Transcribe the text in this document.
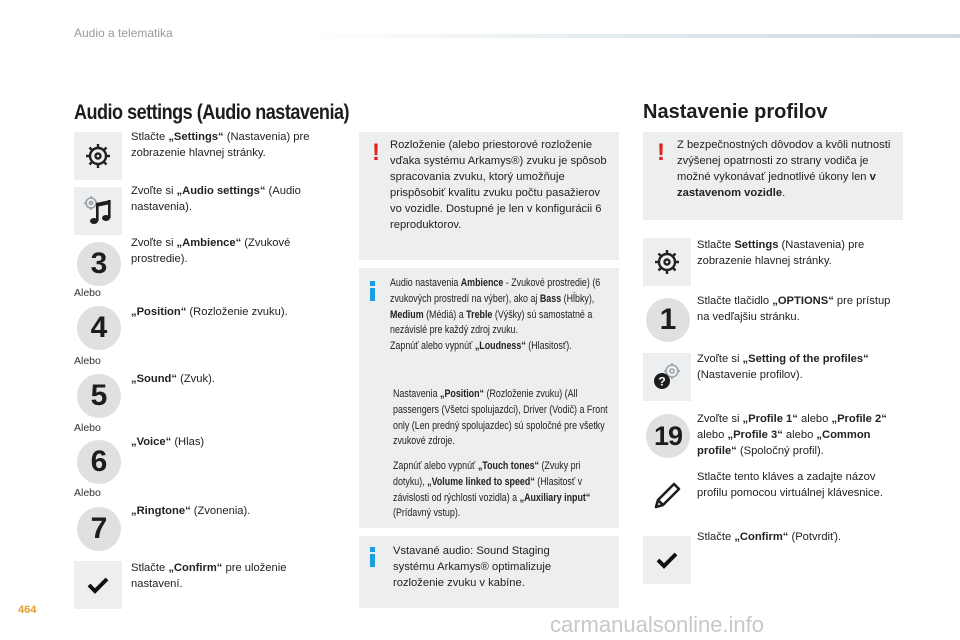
Audio a telematika
Audio settings (Audio nastavenia)
Stlačte „Settings“ (Nastavenia) pre zobrazenie hlavnej stránky.
Zvoľte si „Audio settings“ (Audio nastavenia).
3
Zvoľte si „Ambience“ (Zvukové prostredie).
Alebo
4	„Position“ (Rozloženie zvuku).
Alebo
5	„Sound“ (Zvuk).
Alebo
6
„Voice“ (Hlas)
Alebo
7
„Ringtone“ (Zvonenia).
Stlačte „Confirm“ pre uloženie nastavení.
! Rozloženie (alebo priestorové rozloženie vďaka systému Arkamys®) zvuku je spôsob spracovania zvuku, ktorý umožňuje prispôsobiť kvalitu zvuku počtu pasažierov vo vozidle. Dostupné je len v konfigurácii 6 reproduktorov.
Audio nastavenia Ambience - Zvukové prostredie) (6 zvukových prostredí na výber), ako aj Bass (Hĺbky), Medium (Médiá) a Treble (Výšky) sú samostatné a nezávislé pre každý zdroj zvuku.
Zapnúť alebo vypnúť „Loudness“ (Hlasitosť).
Nastavenia „Position“ (Rozloženie zvuku) (All passengers (Všetci spolujazdci), Driver (Vodič) a Front only (Len predný spolujazdec) sú spoločné pre všetky zvukové zdroje.
Zapnúť alebo vypnúť „Touch tones“ (Zvuky pri dotyku), „Volume linked to speed“ (Hlasitosť v závislosti od rýchlosti vozidla) a „Auxiliary input“ (Prídavný vstup).
Vstavané audio: Sound Staging systému Arkamys® optimalizuje rozloženie zvuku v kabíne.
Nastavenie profilov
! Z bezpečnostných dôvodov a kvôli nutnosti zvýšenej opatrnosti zo strany vodiča je možné vykonávať jednotlivé úkony len v zastavenom vozidle.
Stlačte Settings (Nastavenia) pre zobrazenie hlavnej stránky.
1
Stlačte tlačidlo „OPTIONS“ pre prístup na vedľajšiu stránku.
?
Zvoľte si „Setting of the profiles“ (Nastavenie profilov).
19
Zvoľte si „Profile 1“ alebo „Profile 2“ alebo „Profile 3“ alebo „Common profile“ (Spoločný profil).
Stlačte tento kláves a zadajte názov profilu pomocou virtuálnej klávesnice.
Stlačte „Confirm“ (Potvrdiť).
464
carmanualsonline.info
